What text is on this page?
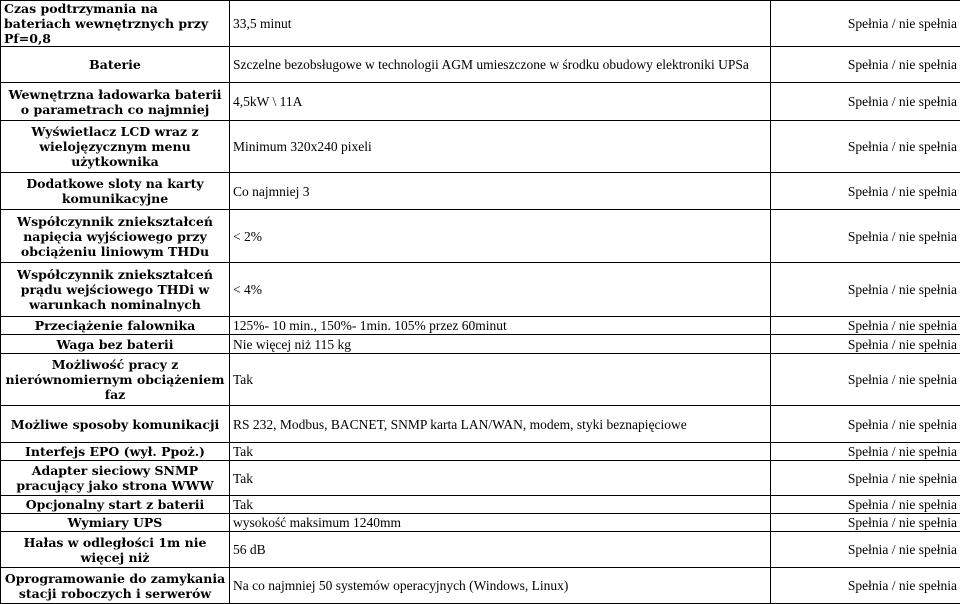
Czas podtrzymania na bateriach wewnętrznych przy Pf=0,8	33,5 minut	Spełnia / nie spełnia
Baterie	Szczelne bezobsługowe w technologii AGM umieszczone w środku obudowy elektroniki UPSa	Spełnia / nie spełnia
Wewnętrzna ładowarka baterii o parametrach co najmniej	4,5kW \ 11A	Spełnia / nie spełnia
Wyświetlacz LCD wraz z wielojęzycznym menu użytkownika	Minimum 320x240 pixeli	Spełnia / nie spełnia
Dodatkowe sloty na karty komunikacyjne	Co najmniej 3	Spełnia / nie spełnia
Współczynnik zniekształceń napięcia wyjściowego przy obciążeniu liniowym THDu	< 2%	Spełnia / nie spełnia
Współczynnik zniekształceń prądu wejściowego THDi w warunkach nominalnych	< 4%	Spełnia / nie spełnia
Przeciążenie falownika	125%- 10 min., 150%- 1min. 105% przez 60minut	Spełnia / nie spełnia
Waga bez baterii	Nie więcej niż 115 kg	Spełnia / nie spełnia
Możliwość pracy z nierównomiernym obciążeniem faz	Tak	Spełnia / nie spełnia
Możliwe sposoby komunikacji	RS 232, Modbus, BACNET, SNMP karta LAN/WAN, modem, styki beznapięciowe	Spełnia / nie spełnia
Interfejs EPO (wył. Ppoż.)	Tak	Spełnia / nie spełnia
Adapter sieciowy SNMP pracujący jako strona WWW	Tak	Spełnia / nie spełnia
Opcjonalny start z baterii	Tak	Spełnia / nie spełnia
Wymiary UPS	wysokość maksimum 1240mm	Spełnia / nie spełnia
Hałas w odległości 1m nie więcej niż	56 dB	Spełnia / nie spełnia
Oprogramowanie do zamykania stacji roboczych i serwerów	Na co najmniej 50 systemów operacyjnych (Windows, Linux)	Spełnia / nie spełnia
